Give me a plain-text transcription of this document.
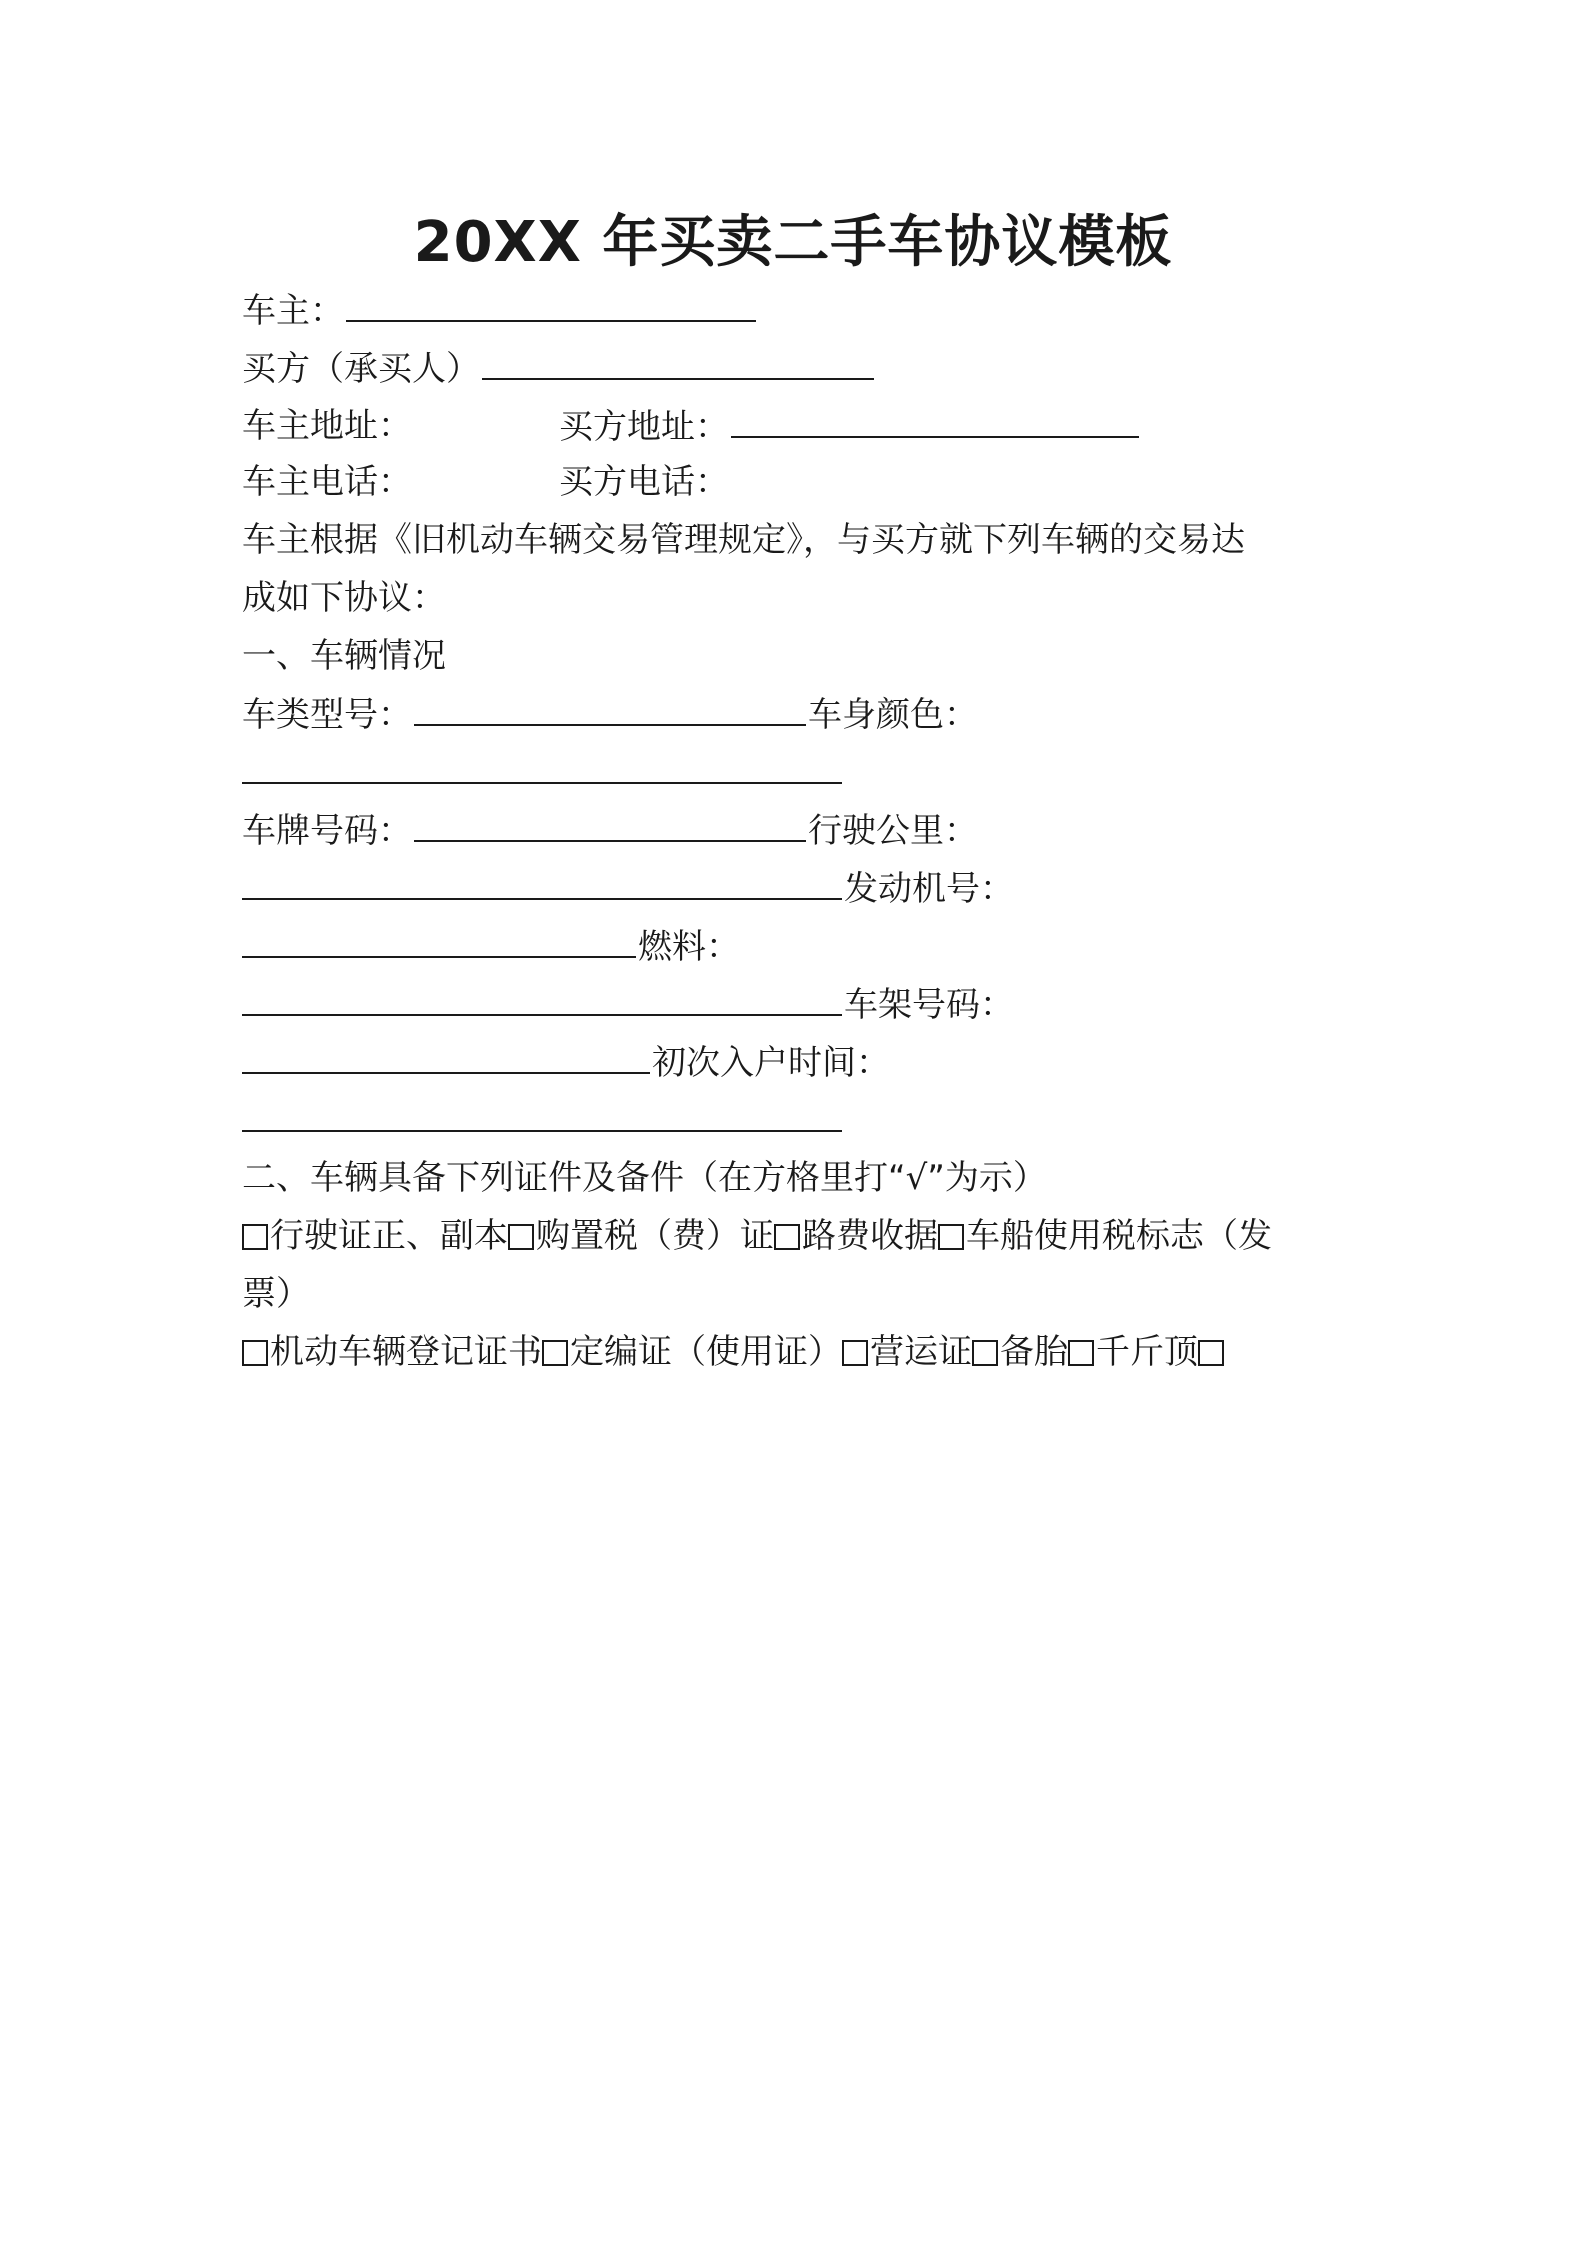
20XX 年买卖二手车协议模板
车主：
买方（承买人）
车主地址：	买方地址：
车主电话：	买方电话：
车主根据《旧机动车辆交易管理规定》，与买方就下列车辆的交易达
成如下协议：
一、车辆情况
车类型号：	车身颜色：
车牌号码：	行驶公里：
发动机号：
燃料：
车架号码：
初次入户时间：
二、车辆具备下列证件及备件（在方格里打“√”为示）
行驶证正、副本 购置税（费）证 路费收据 车船使用税标志（发
票）
机动车辆登记证书 定编证（使用证） 营运证 备胎 千斤顶
